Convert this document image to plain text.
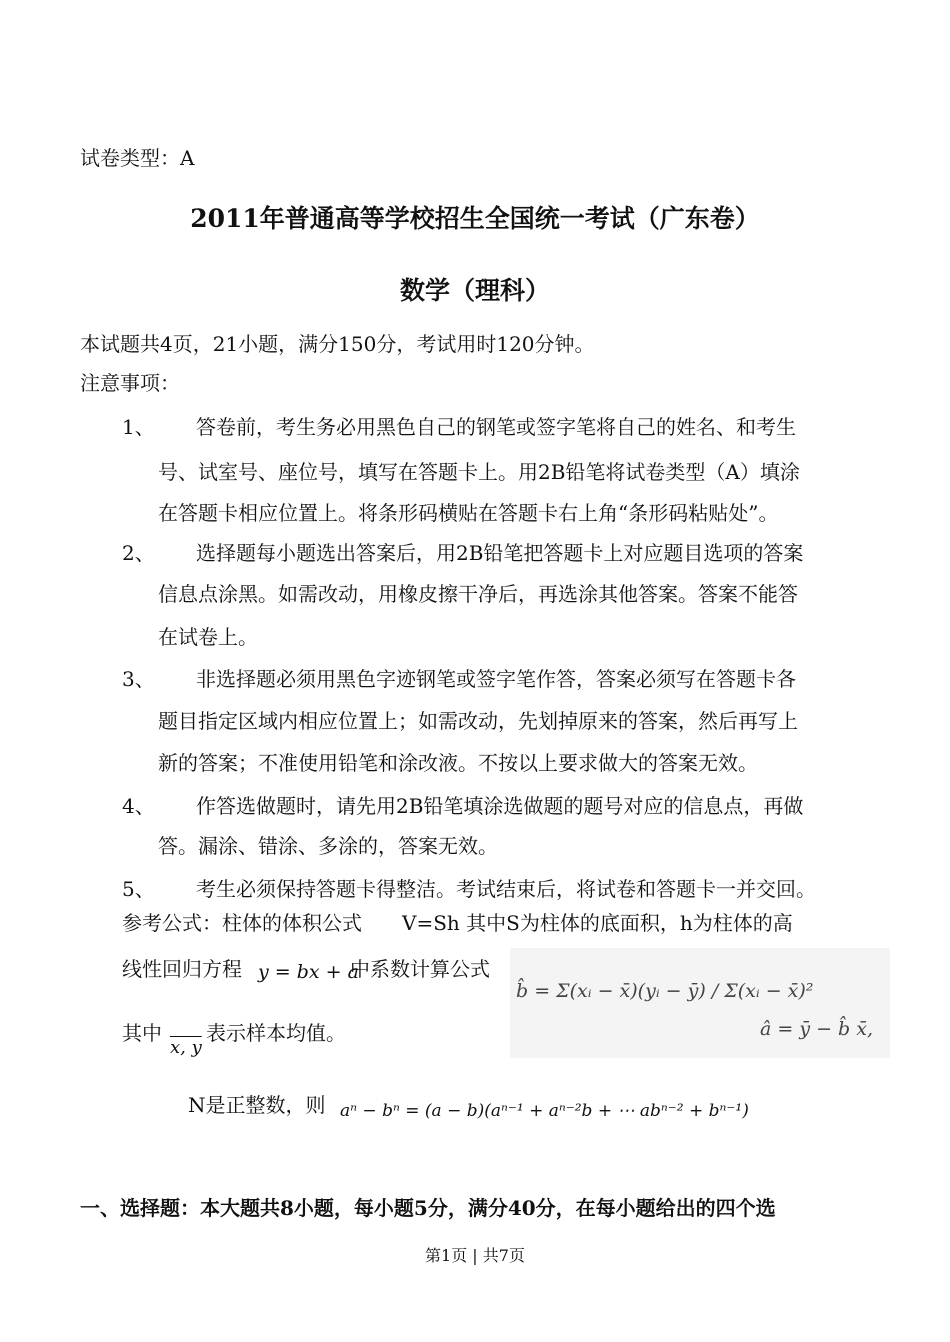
试卷类型：A
2011年普通高等学校招生全国统一考试（广东卷）
数学（理科）
本试题共4页，21小题，满分150分，考试用时120分钟。
注意事项：
1、 答卷前，考生务必用黑色自己的钢笔或签字笔将自己的姓名、和考生
号、试室号、座位号，填写在答题卡上。用2B铅笔将试卷类型（A）填涂
在答题卡相应位置上。将条形码横贴在答题卡右上角“条形码粘贴处”。
2、 选择题每小题选出答案后，用2B铅笔把答题卡上对应题目选项的答案
信息点涂黑。如需改动，用橡皮擦干净后，再选涂其他答案。答案不能答
在试卷上。
3、 非选择题必须用黑色字迹钢笔或签字笔作答，答案必须写在答题卡各
题目指定区域内相应位置上；如需改动，先划掉原来的答案，然后再写上
新的答案；不准使用铅笔和涂改液。不按以上要求做大的答案无效。
4、 作答选做题时，请先用2B铅笔填涂选做题的题号对应的信息点，再做
答。漏涂、错涂、多涂的，答案无效。
5、 考生必须保持答题卡得整洁。考试结束后，将试卷和答题卡一并交回。
参考公式：柱体的体积公式　　V=Sh 其中S为柱体的底面积，h为柱体的高
线性回归方程 y = bx + a
中系数计算公式
b̂ = Σ(xᵢ − x̄)(yᵢ − ȳ) / Σ(xᵢ − x̄)²
â = ȳ − b̂ x̄,
其中
x, y
表示样本均值。
N是正整数，则 aⁿ − bⁿ = (a − b)(aⁿ⁻¹ + aⁿ⁻²b + ⋯ abⁿ⁻² + bⁿ⁻¹)
一、选择题：本大题共8小题，每小题5分，满分40分，在每小题给出的四个选
第1页 | 共7页
